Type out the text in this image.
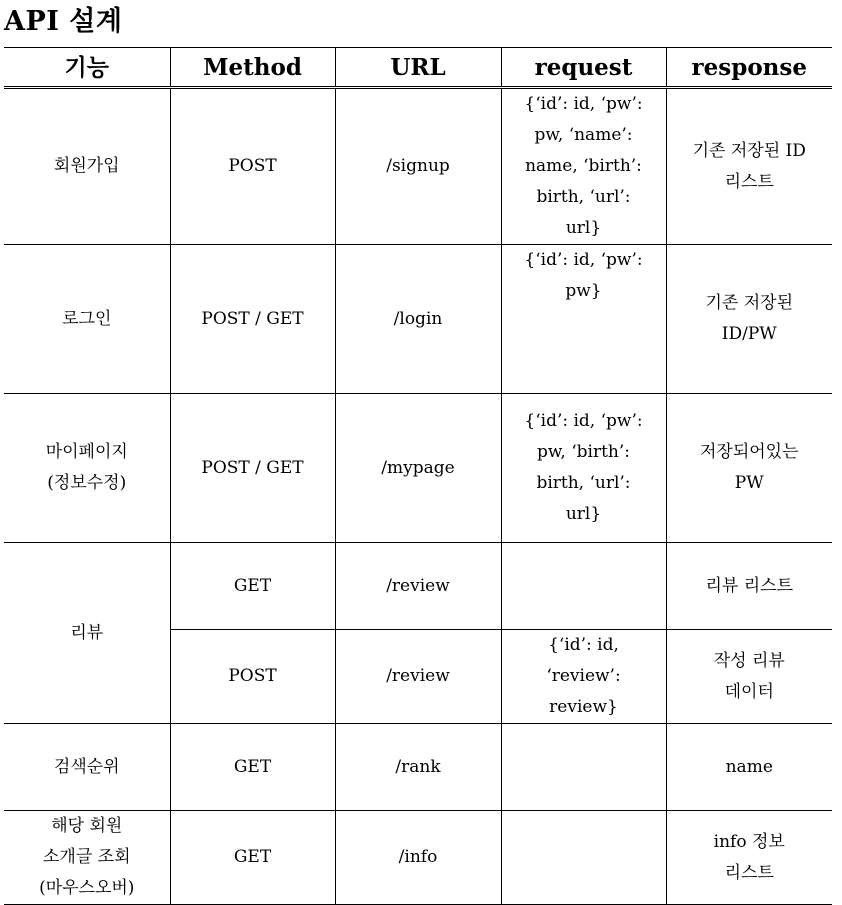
API 설계
기능	Method	URL	request	response
회원가입	POST	/signup	{‘id’: id, ‘pw’:
pw, ‘name’:
name, ‘birth’:
birth, ‘url’:
url}	기존 저장된 ID
리스트
로그인	POST / GET	/login	{‘id’: id, ‘pw’:
pw}	기존 저장된
ID/PW
마이페이지
(정보수정)	POST / GET	/mypage	{‘id’: id, ‘pw’:
pw, ‘birth’:
birth, ‘url’:
url}	저장되어있는
PW
리뷰	GET	/review		리뷰 리스트
	POST	/review	{‘id’: id,
‘review’:
review}	작성 리뷰
데이터
검색순위	GET	/rank		name
해당 회원
소개글 조회
(마우스오버)	GET	/info		info 정보
리스트
